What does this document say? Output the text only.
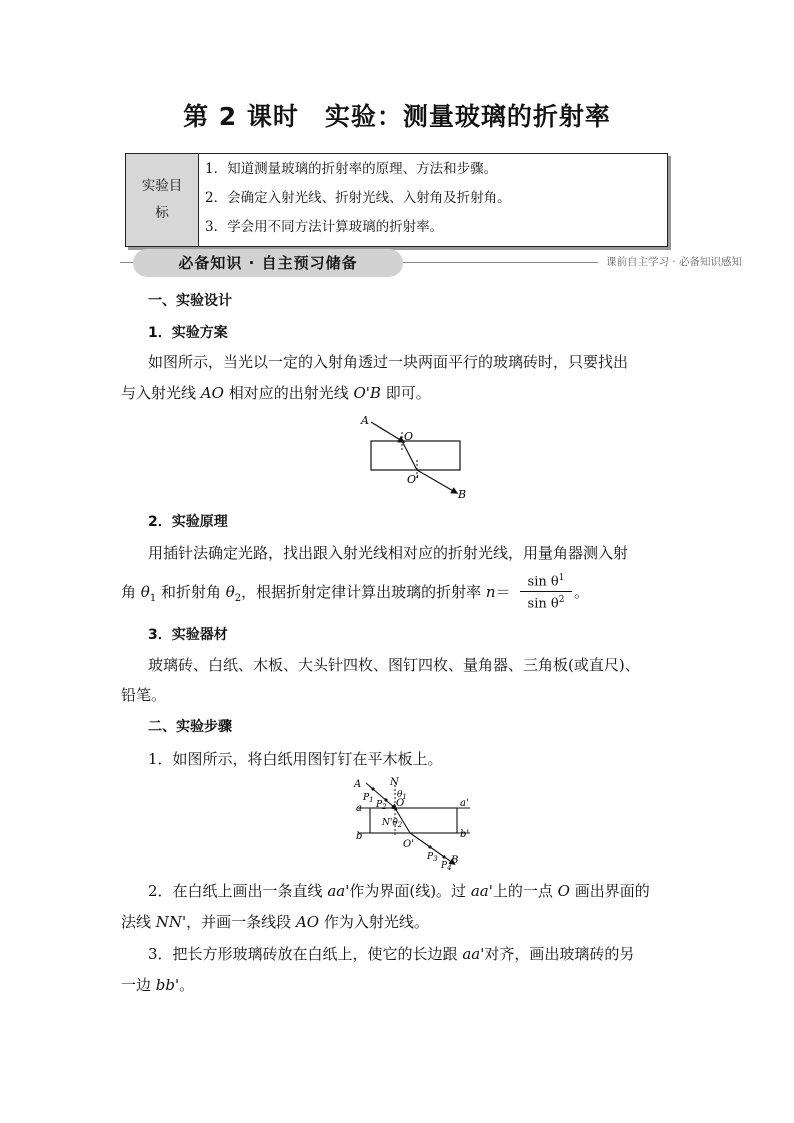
第 2 课时　实验：测量玻璃的折射率
实验目
标
1．知道测量玻璃的折射率的原理、方法和步骤。
2．会确定入射光线、折射光线、入射角及折射角。
3．学会用不同方法计算玻璃的折射率。
必备知识 · 自主预习储备	课前自主学习 · 必备知识感知
一、实验设计
1．实验方案
如图所示，当光以一定的入射角透过一块两面平行的玻璃砖时，只要找出
与入射光线 AO 相对应的出射光线 O'B 即可。
A
O
O'
B
2．实验原理
用插针法确定光路，找出跟入射光线相对应的折射光线，用量角器测入射
角 $\theta_1$ 和折射角 $\theta_2$，根据折射定律计算出玻璃的折射率 $n= \frac{\sin \theta^1}{\sin \theta^2}$ 。
3．实验器材
玻璃砖、白纸、木板、大头针四枚、图钉四枚、量角器、三角板(或直尺)、
铅笔。
二、实验步骤
1．如图所示，将白纸用图钉钉在平木板上。
A	N
$P_1$	$\theta_1$
a $P_2$ O	a'
$N'\theta_2$
b	b'
O'
$P_3$
$P_4$
B
2．在白纸上画出一条直线 aa'作为界面(线)。过 aa'上的一点 O 画出界面的
法线 NN'，并画一条线段 AO 作为入射光线。
3．把长方形玻璃砖放在白纸上，使它的长边跟 aa'对齐，画出玻璃砖的另
一边 bb'。
